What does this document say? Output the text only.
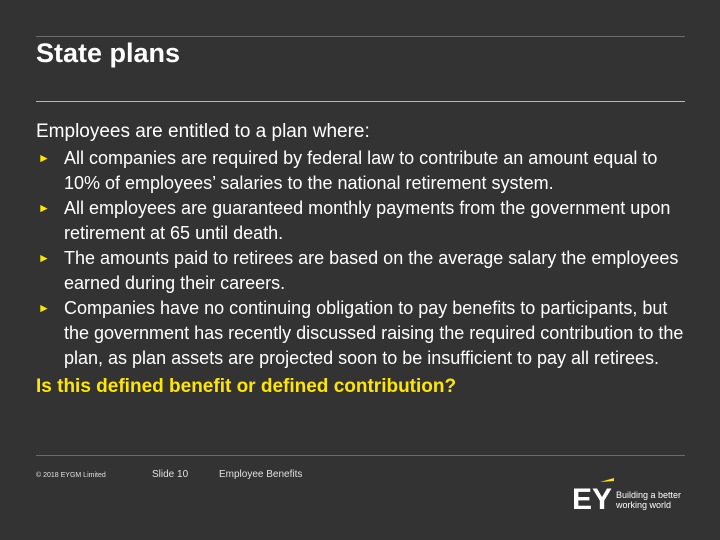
State plans

Employees are entitled to a plan where:

► All companies are required by federal law to contribute an amount equal to 10% of employees’ salaries to the national retirement system.
► All employees are guaranteed monthly payments from the government upon retirement at 65 until death.
► The amounts paid to retirees are based on the average salary the employees earned during their careers.
► Companies have no continuing obligation to pay benefits to participants, but the government has recently discussed raising the required contribution to the plan, as plan assets are projected soon to be insufficient to pay all retirees.

Is this defined benefit or defined contribution?

© 2018 EYGM Limited	Slide 10	Employee Benefits
EY Building a better
working world
